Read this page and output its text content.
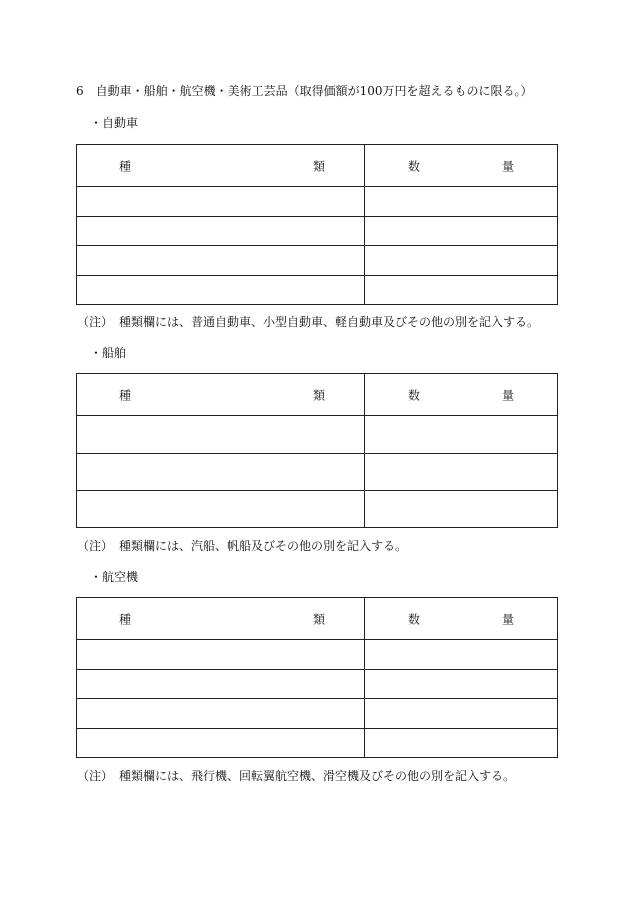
6　自動車・船舶・航空機・美術工芸品（取得価額が100万円を超えるものに限る。）
・自動車
種 類	数 量

（注）　種類欄には、普通自動車、小型自動車、軽自動車及びその他の別を記入する。
・船舶
種 類	数 量

（注）　種類欄には、汽船、帆船及びその他の別を記入する。
・航空機
種 類	数 量

（注）　種類欄には、飛行機、回転翼航空機、滑空機及びその他の別を記入する。
